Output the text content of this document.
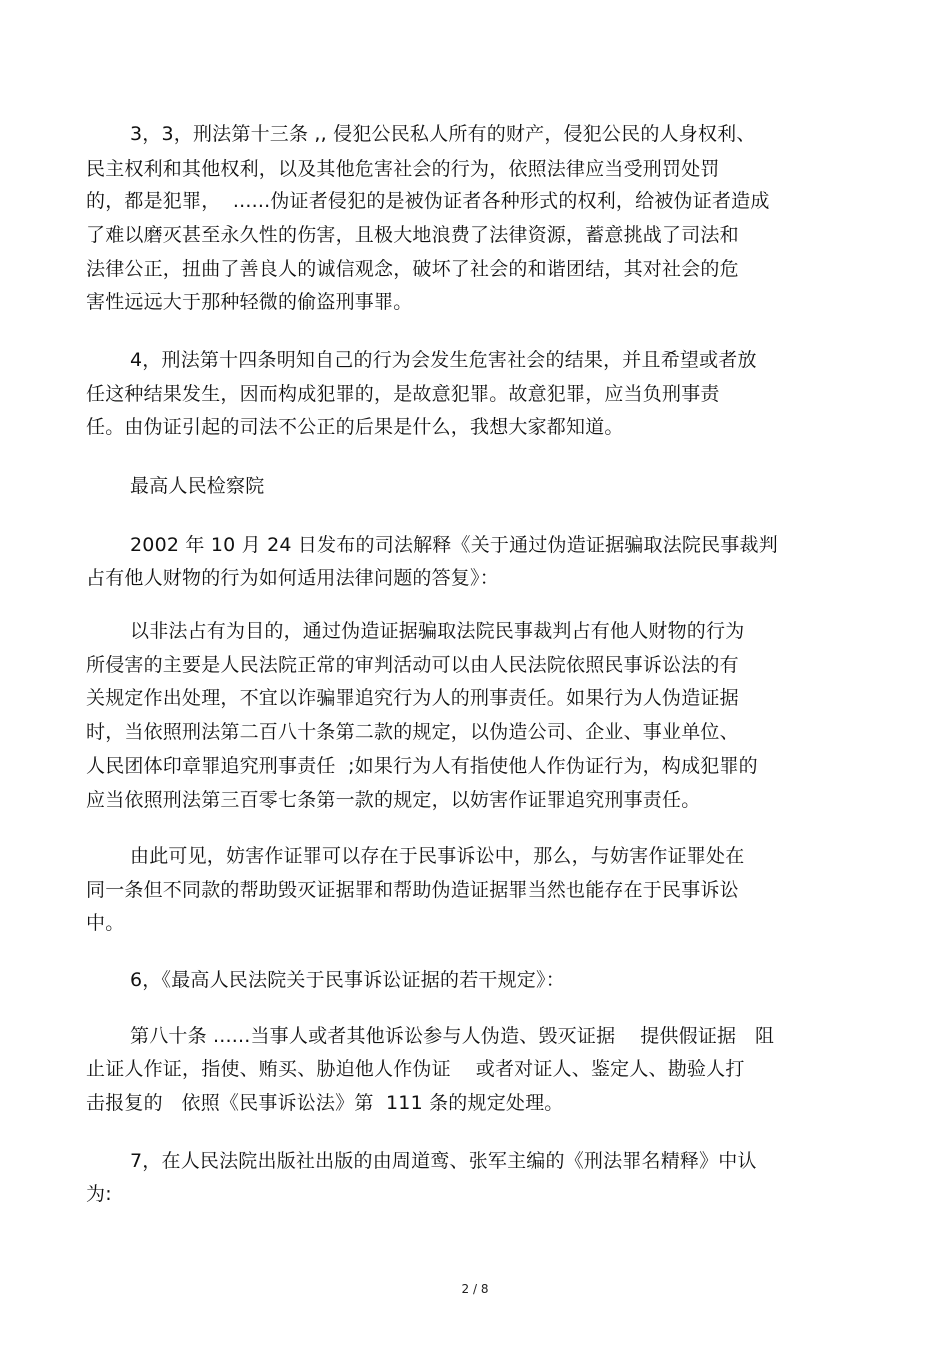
3，3，刑法第十三条 ,, 侵犯公民私人所有的财产，侵犯公民的人身权利、
民主权利和其他权利，以及其他危害社会的行为，依照法律应当受刑罚处罚
的，都是犯罪，  ......伪证者侵犯的是被伪证者各种形式的权利，给被伪证者造成
了难以磨灭甚至永久性的伤害，且极大地浪费了法律资源，蓄意挑战了司法和
法律公正，扭曲了善良人的诚信观念，破坏了社会的和谐团结，其对社会的危
害性远远大于那种轻微的偷盗刑事罪。
4，刑法第十四条明知自己的行为会发生危害社会的结果，并且希望或者放
任这种结果发生，因而构成犯罪的，是故意犯罪。故意犯罪，应当负刑事责
任。由伪证引起的司法不公正的后果是什么，我想大家都知道。
最高人民检察院
2002 年 10 月 24 日发布的司法解释《关于通过伪造证据骗取法院民事裁判
占有他人财物的行为如何适用法律问题的答复》：
以非法占有为目的，通过伪造证据骗取法院民事裁判占有他人财物的行为
所侵害的主要是人民法院正常的审判活动可以由人民法院依照民事诉讼法的有
关规定作出处理，不宜以诈骗罪追究行为人的刑事责任。如果行为人伪造证据
时，当依照刑法第二百八十条第二款的规定，以伪造公司、企业、事业单位、
人民团体印章罪追究刑事责任  ;如果行为人有指使他人作伪证行为，构成犯罪的
应当依照刑法第三百零七条第一款的规定，以妨害作证罪追究刑事责任。
由此可见，妨害作证罪可以存在于民事诉讼中，那么，与妨害作证罪处在
同一条但不同款的帮助毁灭证据罪和帮助伪造证据罪当然也能存在于民事诉讼
中。
6，《最高人民法院关于民事诉讼证据的若干规定》：
第八十条 ......当事人或者其他诉讼参与人伪造、毁灭证据    提供假证据   阻
止证人作证，指使、贿买、胁迫他人作伪证    或者对证人、鉴定人、勘验人打
击报复的   依照《民事诉讼法》第  111 条的规定处理。
7，在人民法院出版社出版的由周道鸾、张军主编的《刑法罪名精释》中认
为:
2 / 8
